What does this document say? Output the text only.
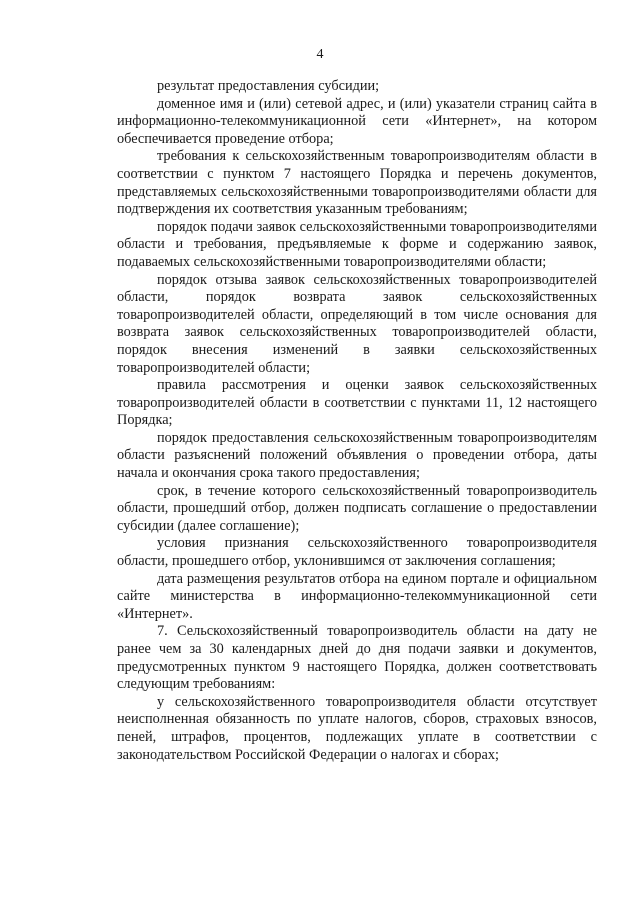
4

результат предоставления субсидии;

доменное имя и (или) сетевой адрес, и (или) указатели страниц сайта в информационно-телекоммуникационной сети «Интернет», на котором обеспечивается проведение отбора;

требования к сельскохозяйственным товаропроизводителям области в соответствии с пунктом 7 настоящего Порядка и перечень документов, представляемых сельскохозяйственными товаропроизводителями области для подтверждения их соответствия указанным требованиям;

порядок подачи заявок сельскохозяйственными товаропроизводителями области и требования, предъявляемые к форме и содержанию заявок, подаваемых сельскохозяйственными товаропроизводителями области;

порядок отзыва заявок сельскохозяйственных товаропроизводителей области, порядок возврата заявок сельскохозяйственных товаропроизводителей области, определяющий в том числе основания для возврата заявок сельскохозяйственных товаропроизводителей области, порядок внесения изменений в заявки сельскохозяйственных товаропроизводителей области;

правила рассмотрения и оценки заявок сельскохозяйственных товаропроизводителей области в соответствии с пунктами 11, 12 настоящего Порядка;

порядок предоставления сельскохозяйственным товаропроизводителям области разъяснений положений объявления о проведении отбора, даты начала и окончания срока такого предоставления;

срок, в течение которого сельскохозяйственный товаропроизводитель области, прошедший отбор, должен подписать соглашение о предоставлении субсидии (далее соглашение);

условия признания сельскохозяйственного товаропроизводителя области, прошедшего отбор, уклонившимся от заключения соглашения;

дата размещения результатов отбора на едином портале и официальном сайте министерства в информационно-телекоммуникационной сети «Интернет».

7. Сельскохозяйственный товаропроизводитель области на дату не ранее чем за 30 календарных дней до дня подачи заявки и документов, предусмотренных пунктом 9 настоящего Порядка, должен соответствовать следующим требованиям:

у сельскохозяйственного товаропроизводителя области отсутствует неисполненная обязанность по уплате налогов, сборов, страховых взносов, пеней, штрафов, процентов, подлежащих уплате в соответствии с законодательством Российской Федерации о налогах и сборах;
